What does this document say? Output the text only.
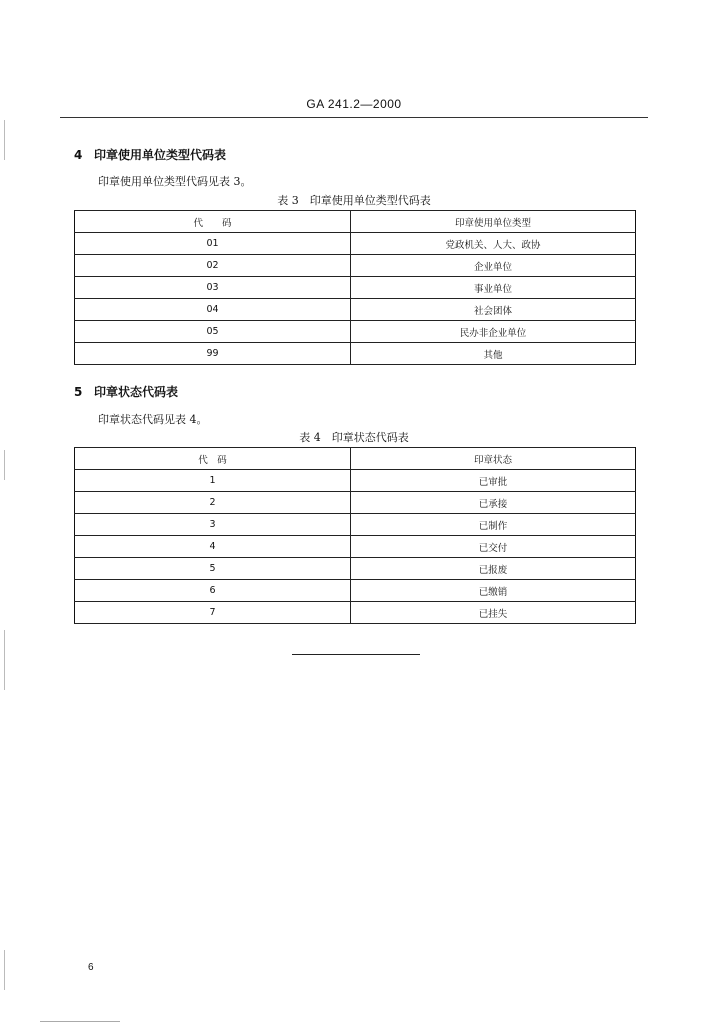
GA 241.2—2000
4 印章使用单位类型代码表
印章使用单位类型代码见表 3。
表 3　印章使用单位类型代码表
代　　码	印章使用单位类型
01	党政机关、人大、政协
02	企业单位
03	事业单位
04	社会团体
05	民办非企业单位
99	其他
5 印章状态代码表
印章状态代码见表 4。
表 4　印章状态代码表
代　码	印章状态
1	已审批
2	已承接
3	已制作
4	已交付
5	已报废
6	已缴销
7	已挂失
6
